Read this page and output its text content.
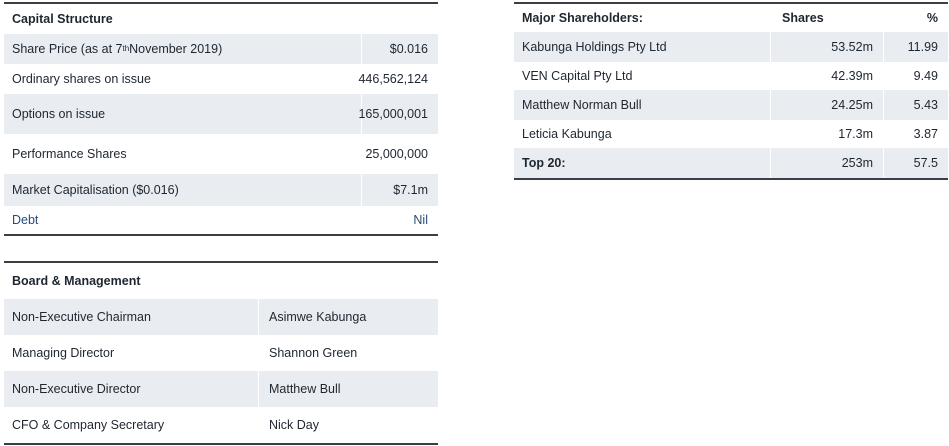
Capital Structure
Share Price (as at 7 th November 2019)	$0.016
Ordinary shares on issue	446,562,124
Options on issue	165,000,001
Performance Shares	25,000,000
Market Capitalisation ($0.016)	$7.1m
Debt	Nil
Board & Management
Non-Executive Chairman	Asimwe Kabunga
Managing Director	Shannon Green
Non-Executive Director	Matthew Bull
CFO & Company Secretary	Nick Day
Major Shareholders:	Shares	%
Kabunga Holdings Pty Ltd	53.52m	11.99
VEN Capital Pty Ltd	42.39m	9.49
Matthew Norman Bull	24.25m	5.43
Leticia Kabunga	17.3m	3.87
Top 20:	253m	57.5
